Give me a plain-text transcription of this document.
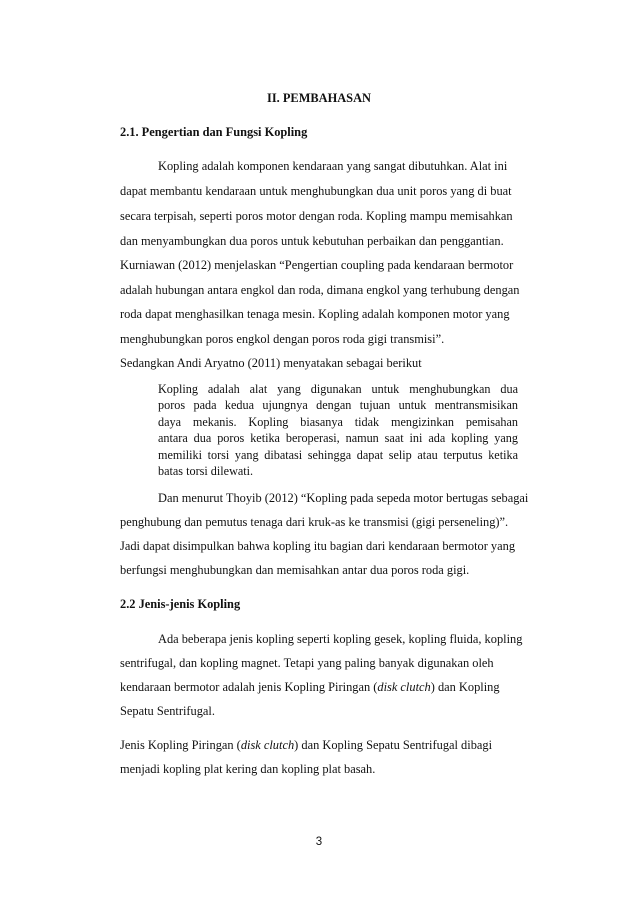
II. PEMBAHASAN
2.1. Pengertian dan Fungsi Kopling
Kopling adalah komponen kendaraan yang sangat dibutuhkan. Alat ini
dapat membantu kendaraan untuk menghubungkan dua unit poros yang di buat
secara terpisah, seperti poros motor dengan roda. Kopling mampu memisahkan
dan menyambungkan dua poros untuk kebutuhan perbaikan dan penggantian.
Kurniawan (2012) menjelaskan “Pengertian coupling pada kendaraan bermotor
adalah hubungan antara engkol dan roda, dimana engkol yang terhubung dengan
roda dapat menghasilkan tenaga mesin. Kopling adalah komponen motor yang
menghubungkan poros engkol dengan poros roda gigi transmisi”.
Sedangkan Andi Aryatno (2011) menyatakan sebagai berikut
Kopling adalah alat yang digunakan untuk menghubungkan dua
poros pada kedua ujungnya dengan tujuan untuk mentransmisikan
daya mekanis. Kopling biasanya tidak mengizinkan pemisahan
antara dua poros ketika beroperasi, namun saat ini ada kopling yang
memiliki torsi yang dibatasi sehingga dapat selip atau terputus ketika
batas torsi dilewati.
Dan menurut Thoyib (2012) “Kopling pada sepeda motor bertugas sebagai
penghubung dan pemutus tenaga dari kruk-as ke transmisi (gigi perseneling)”.
Jadi dapat disimpulkan bahwa kopling itu bagian dari kendaraan bermotor yang
berfungsi menghubungkan dan memisahkan antar dua poros roda gigi.
2.2 Jenis-jenis Kopling
Ada beberapa jenis kopling seperti kopling gesek, kopling fluida, kopling
sentrifugal, dan kopling magnet. Tetapi yang paling banyak digunakan oleh
kendaraan bermotor adalah jenis Kopling Piringan (disk clutch) dan Kopling
Sepatu Sentrifugal.
Jenis Kopling Piringan (disk clutch) dan Kopling Sepatu Sentrifugal dibagi
menjadi kopling plat kering dan kopling plat basah.
3
